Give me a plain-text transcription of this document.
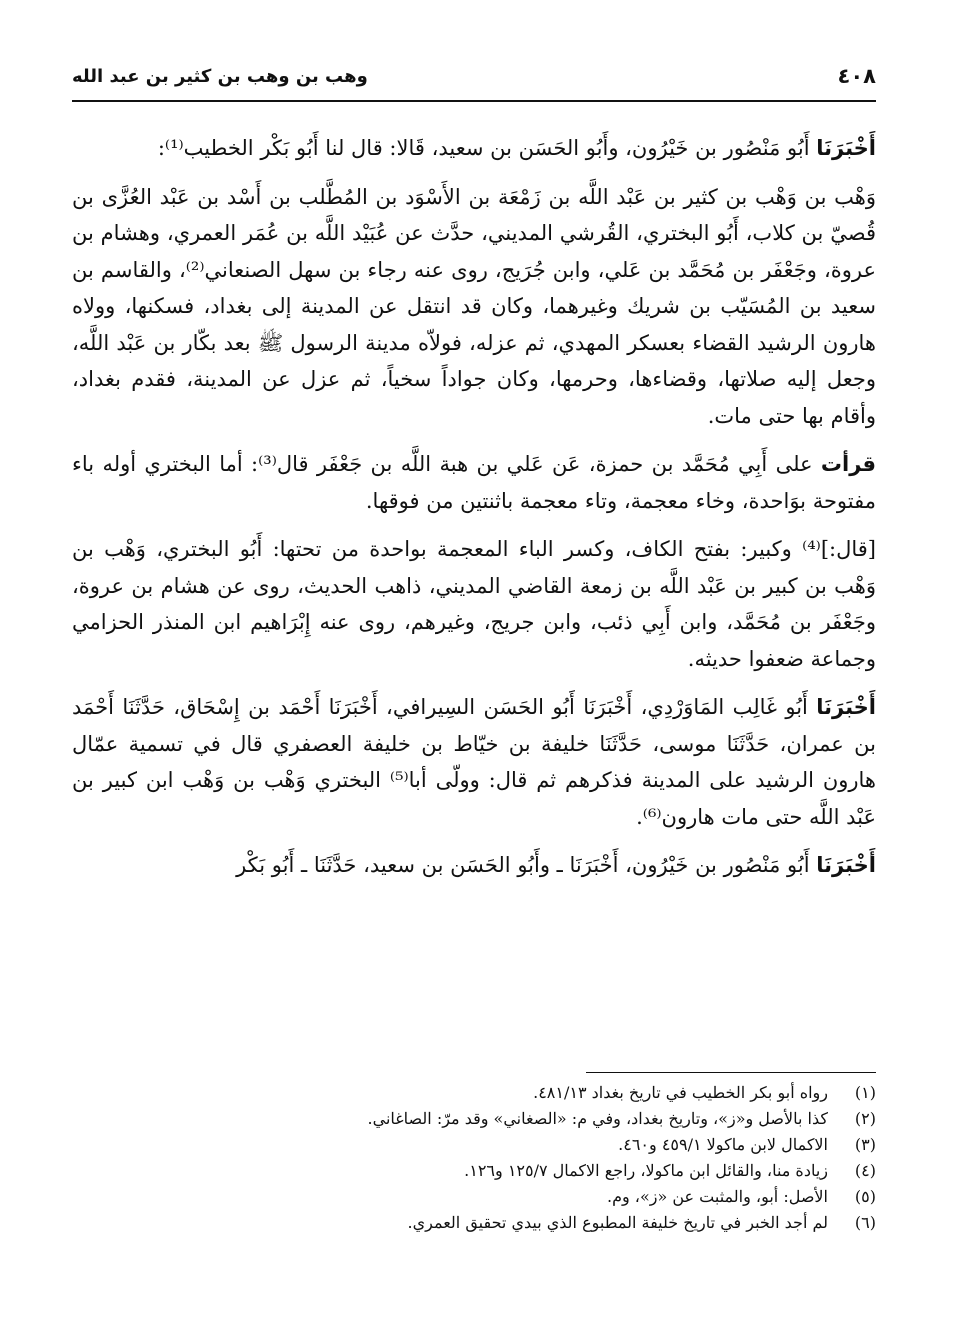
٤٠٨
وهب بن وهب بن كثير بن عبد الله

أَخْبَرَنَا أَبُو مَنْصُور بن خَيْرُون، وأَبُو الحَسَن بن سعيد، قَالا: قال لنا أَبُو بَكْر الخطيب⁽¹⁾:

وَهْب بن وَهْب بن كثير بن عَبْد اللَّه بن زَمْعَة بن الأَسْوَد بن المُطَّلب بن أَسْد بن عَبْد العُزَّى بن قُصيّ بن كلاب، أَبُو البختري، القُرشي المديني، حدَّث عن عُبَيْد اللَّه بن عُمَر العمري، وهشام بن عروة، وجَعْفَر بن مُحَمَّد بن عَلي، وابن جُرَيج، روى عنه رجاء بن سهل الصنعاني⁽²⁾، والقاسم بن سعيد بن المُسَيّب بن شريك وغيرهما، وكان قد انتقل عن المدينة إلى بغداد، فسكنها، وولاه هارون الرشيد القضاء بعسكر المهدي، ثم عزله، فولاّه مدينة الرسول ﷺ بعد بكّار بن عَبْد اللَّه، وجعل إليه صلاتها، وقضاءها، وحرمها، وكان جواداً سخياً، ثم عزل عن المدينة، فقدم بغداد، وأقام بها حتى مات.

قرأت على أَبِي مُحَمَّد بن حمزة، عَن عَلي بن هبة اللَّه بن جَعْفَر قال⁽³⁾: أما البختري أوله باء مفتوحة بوَاحدة، وخاء معجمة، وتاء معجمة باثنتين من فوقها.

[قال:]⁽⁴⁾ وكبير: بفتح الكاف، وكسر الباء المعجمة بواحدة من تحتها: أَبُو البختري، وَهْب بن وَهْب بن كبير بن عَبْد اللَّه بن زمعة القاضي المديني، ذاهب الحديث، روى عن هشام بن عروة، وجَعْفَر بن مُحَمَّد، وابن أَبِي ذئب، وابن جريج، وغيرهم، روى عنه إِبْرَاهيم ابن المنذر الحزامي وجماعة ضعفوا حديثه.

أَخْبَرَنَا أَبُو غَالِب المَاوَرْدِي، أَخْبَرَنَا أَبُو الحَسَن السِيرافي، أَخْبَرَنَا أَحْمَد بن إِسْحَاق، حَدَّثَنَا أَحْمَد بن عمران، حَدَّثَنَا موسى، حَدَّثَنَا خليفة بن خيّاط بن خليفة العصفري قال في تسمية عمّال هارون الرشيد على المدينة فذكرهم ثم قال: وولّى أبا⁽⁵⁾ البختري وَهْب بن وَهْب ابن كبير بن عَبْد اللَّه حتى مات هارون⁽⁶⁾.

أَخْبَرَنَا أَبُو مَنْصُور بن خَيْرُون، أَخْبَرَنَا ـ وأَبُو الحَسَن بن سعيد، حَدَّثَنَا ـ أَبُو بَكْر

(١)
رواه أبو بكر الخطيب في تاريخ بغداد ٤٨١/١٣.
(٢)
كذا بالأصل و«ز»، وتاريخ بغداد، وفي م: «الصغاني» وقد مرّ: الصاغاني.
(٣)
الاكمال لابن ماكولا ٤٥٩/١ و٤٦٠.
(٤)
زيادة منا، والقائل ابن ماكولا، راجع الاكمال ١٢٥/٧ و١٢٦.
(٥)
الأصل: أبو، والمثبت عن «ز»، وم.
(٦)
لم أجد الخبر في تاريخ خليفة المطبوع الذي بيدي تحقيق العمري.
